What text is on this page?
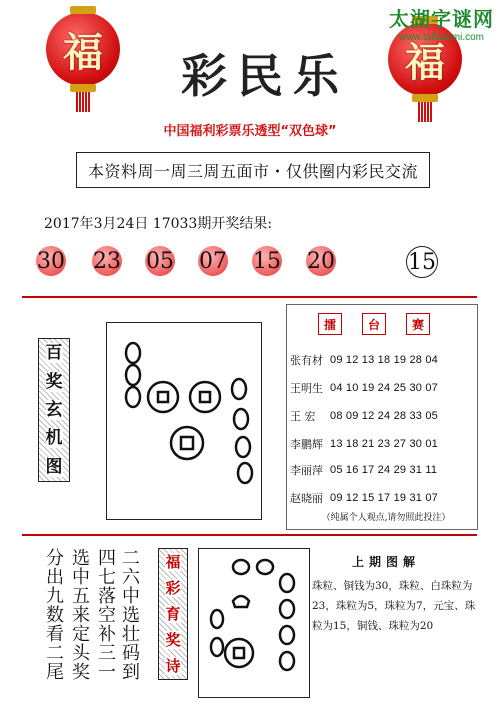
福	福
太湖字谜网
www.taihuzimi.com
彩民乐
中国福利彩票乐透型“双色球”
本资料周一周三周五面市・仅供圈内彩民交流
2017年3月24日 17033期开奖结果:
30 23 05 07 15 20	15
百
奖
玄
机
图
擂	台	赛
张有材 09 12 13 18 19 28 04
王明生 04 10 19 24 25 30 07
王 宏	08 09 12 24 28 33 05
李鹏辉 13 18 21 23 27 30 01
李丽萍 05 16 17 24 29 31 11
赵晓丽 09 12 15 17 19 31 07
（纯属个人观点,请勿照此投注）
二六中选壮码到
四七落空补三一
选中五来定头奖
分出九数看二尾	福
彩
育
奖
诗
上期图解
珠粒、铜钱为30，珠粒、白珠粒为23，珠粒为5，珠粒为7，元宝、珠粒为15，铜钱、珠粒为20
